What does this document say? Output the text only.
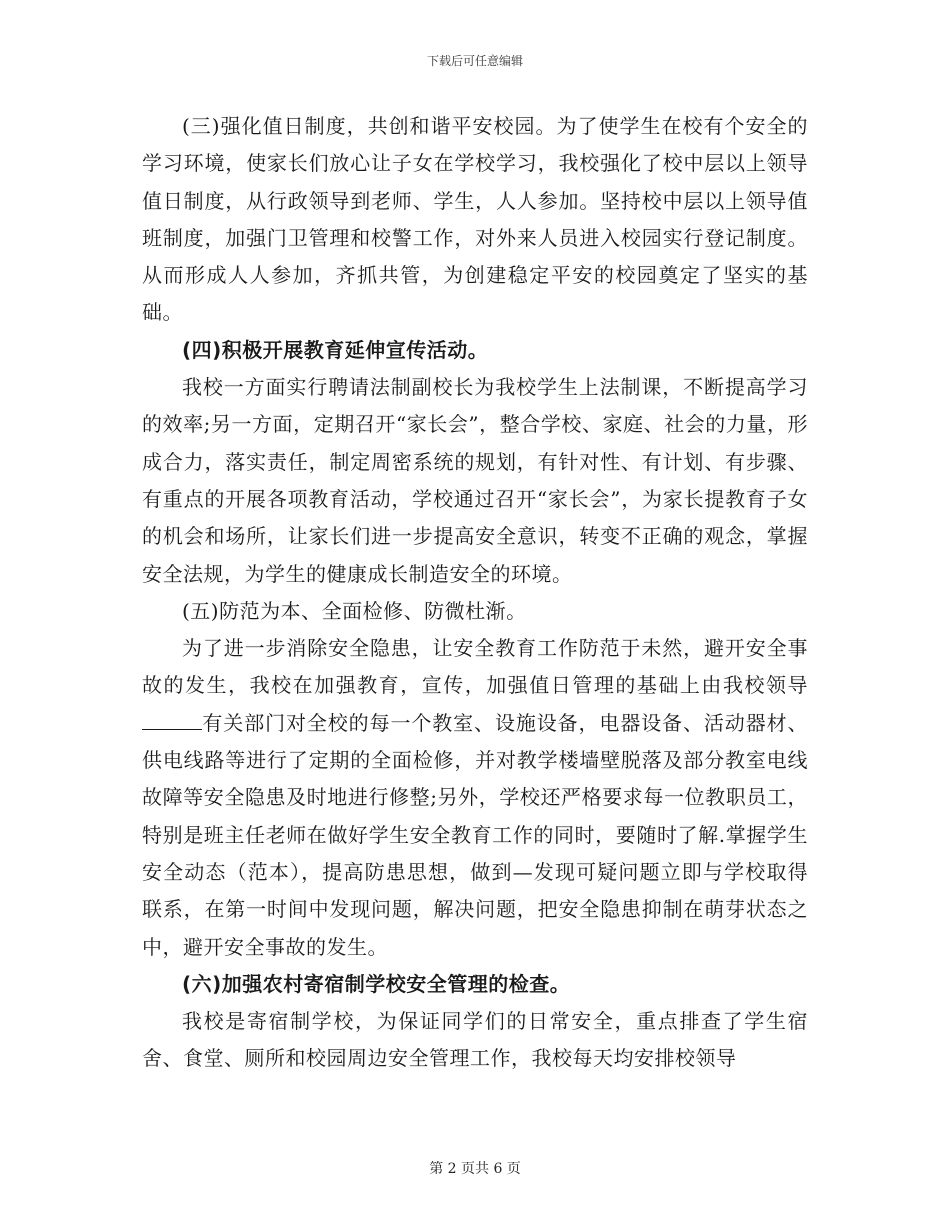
下载后可任意编辑

(三)强化值日制度，共创和谐平安校园。为了使学生在校有个安全的学习环境，使家长们放心让子女在学校学习，我校强化了校中层以上领导值日制度，从行政领导到老师、学生，人人参加。坚持校中层以上领导值班制度，加强门卫管理和校警工作，对外来人员进入校园实行登记制度。从而形成人人参加，齐抓共管，为创建稳定平安的校园奠定了坚实的基础。

(四)积极开展教育延伸宣传活动。

我校一方面实行聘请法制副校长为我校学生上法制课，不断提高学习的效率;另一方面，定期召开“家长会”，整合学校、家庭、社会的力量，形成合力，落实责任，制定周密系统的规划，有针对性、有计划、有步骤、有重点的开展各项教育活动，学校通过召开“家长会”，为家长提教育子女的机会和场所，让家长们进一步提高安全意识，转变不正确的观念，掌握安全法规，为学生的健康成长制造安全的环境。

(五)防范为本、全面检修、防微杜渐。

为了进一步消除安全隐患，让安全教育工作防范于未然，避开安全事故的发生，我校在加强教育，宣传，加强值日管理的基础上由我校领导有关部门对全校的每一个教室、设施设备，电器设备、活动器材、供电线路等进行了定期的全面检修，并对教学楼墙壁脱落及部分教室电线故障等安全隐患及时地进行修整;另外，学校还严格要求每一位教职员工，特别是班主任老师在做好学生安全教育工作的同时，要随时了解.掌握学生安全动态（范本），提高防患思想，做到—发现可疑问题立即与学校取得联系，在第一时间中发现问题，解决问题，把安全隐患抑制在萌芽状态之中，避开安全事故的发生。

(六)加强农村寄宿制学校安全管理的检查。

我校是寄宿制学校，为保证同学们的日常安全，重点排查了学生宿舍、食堂、厕所和校园周边安全管理工作，我校每天均安排校领导

第 2 页共 6 页
